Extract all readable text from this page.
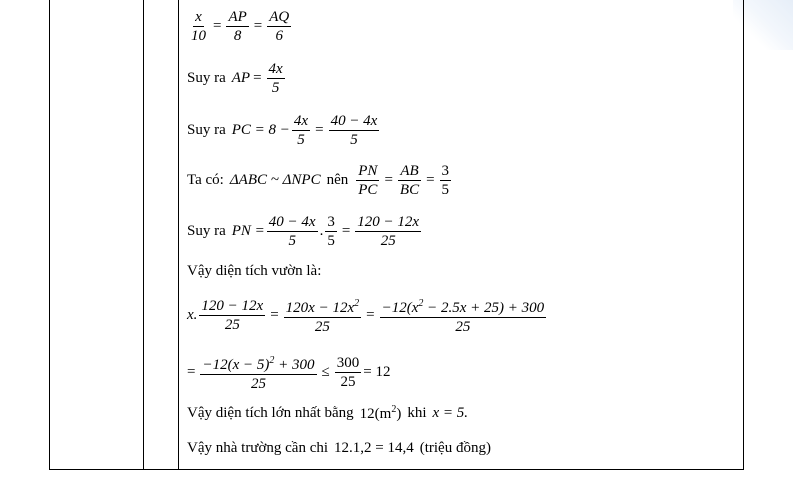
$\frac{x}{10} = \frac{AP}{8} = \frac{AQ}{6}$
Suy ra AP = $\frac{4x}{5}$
Suy ra PC = $8 - \frac{4x}{5} = \frac{40 - 4x}{5}$
Ta có: ΔABC ~ ΔNPC nên $\frac{PN}{PC} = \frac{AB}{BC} = \frac{3}{5}$
Suy ra PN = $\frac{40 - 4x}{5}$ . $\frac{3}{5} = \frac{120 - 12x}{25}$
Vậy diện tích vườn là:
x. $\frac{120 - 12x}{25} = \frac{120x - 12x^2}{25} = \frac{-12(x^2 - 2.5x + 25) + 300}{25}$
= $\frac{-12(x - 5)^2 + 300}{25} \le \frac{300}{25} = 12$
Vậy diện tích lớn nhất bằng $12(m^2)$ khi x = 5.
Vậy nhà trường cần chi 12.1,2 = 14,4 (triệu đồng)
